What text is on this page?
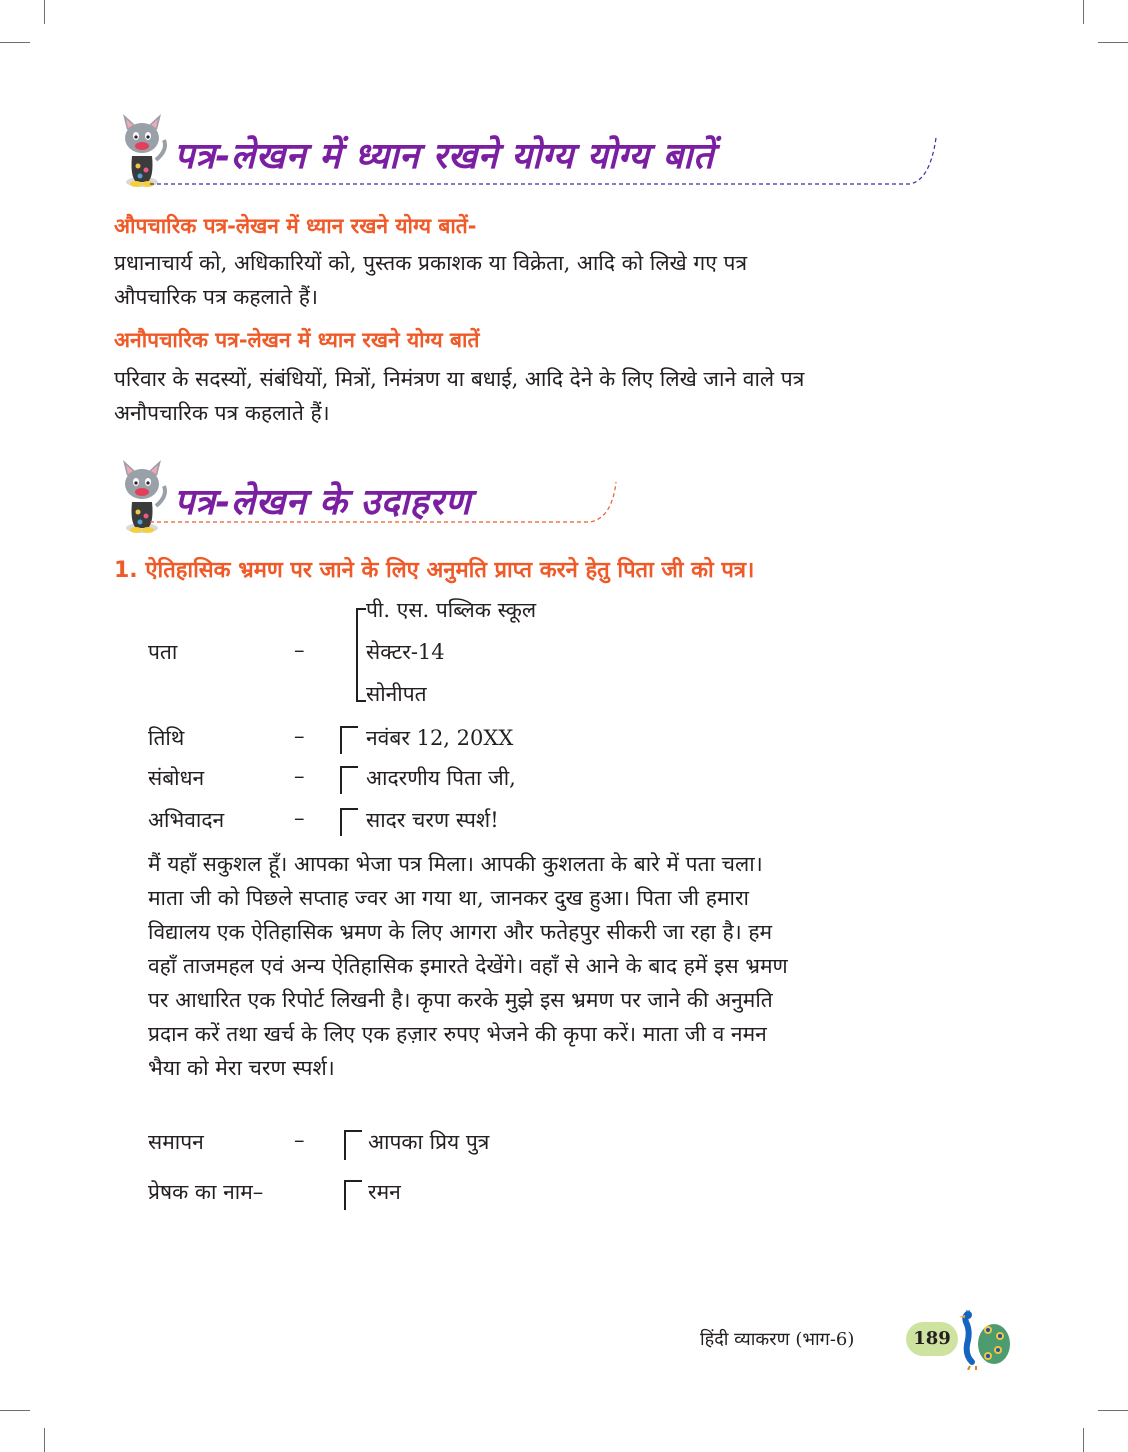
पत्र-लेखन में ध्यान रखने योग्य योग्य बातें
औपचारिक पत्र-लेखन में ध्यान रखने योग्य बातें-
प्रधानाचार्य को, अधिकारियों को, पुस्तक प्रकाशक या विक्रेता, आदि को लिखे गए पत्र
औपचारिक पत्र कहलाते हैं।
अनौपचारिक पत्र-लेखन में ध्यान रखने योग्य बातें
परिवार के सदस्यों, संबंधियों, मित्रों, निमंत्रण या बधाई, आदि देने के लिए लिखे जाने वाले पत्र
अनौपचारिक पत्र कहलाते हैं।
पत्र-लेखन के उदाहरण
1. ऐतिहासिक भ्रमण पर जाने के लिए अनुमति प्राप्त करने हेतु पिता जी को पत्र।
पता	–
पी. एस. पब्लिक स्कूल
सेक्टर-14
सोनीपत
तिथि	–	नवंबर 12, 20XX
संबोधन	–	आदरणीय पिता जी,
अभिवादन	–	सादर चरण स्पर्श!
मैं यहाँ सकुशल हूँ। आपका भेजा पत्र मिला। आपकी कुशलता के बारे में पता चला।
माता जी को पिछले सप्ताह ज्वर आ गया था, जानकर दुख हुआ। पिता जी हमारा
विद्यालय एक ऐतिहासिक भ्रमण के लिए आगरा और फतेहपुर सीकरी जा रहा है। हम
वहाँ ताजमहल एवं अन्य ऐतिहासिक इमारते देखेंगे। वहाँ से आने के बाद हमें इस भ्रमण
पर आधारित एक रिपोर्ट लिखनी है। कृपा करके मुझे इस भ्रमण पर जाने की अनुमति
प्रदान करें तथा खर्च के लिए एक हज़ार रुपए भेजने की कृपा करें। माता जी व नमन
भैया को मेरा चरण स्पर्श।
समापन	–	आपका प्रिय पुत्र
प्रेषक का नाम–	रमन
हिंदी व्याकरण (भाग-6)	189
